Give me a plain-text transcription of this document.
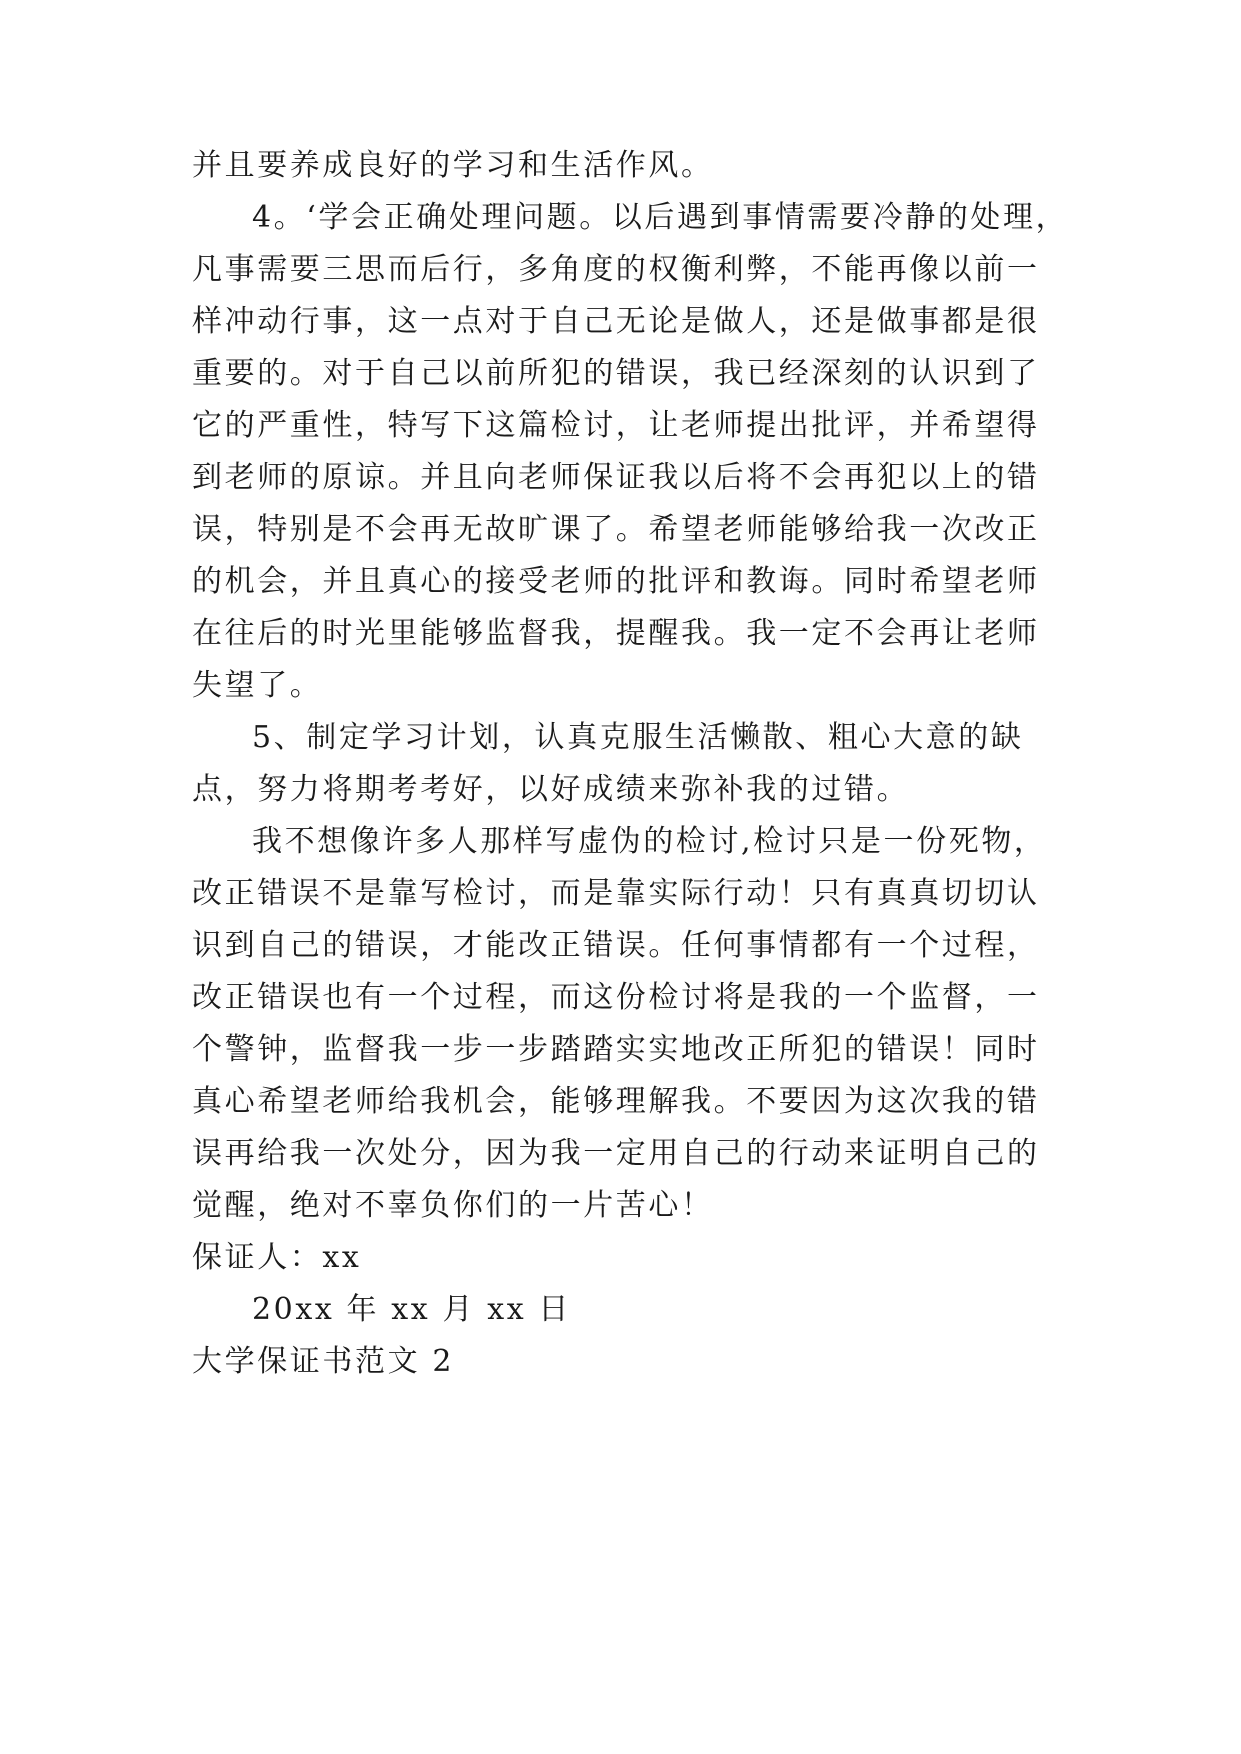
并且要养成良好的学习和生活作风。
4。‘学会正确处理问题。以后遇到事情需要冷静的处理，
凡事需要三思而后行，多角度的权衡利弊，不能再像以前一
样冲动行事，这一点对于自己无论是做人，还是做事都是很
重要的。对于自己以前所犯的错误，我已经深刻的认识到了
它的严重性，特写下这篇检讨，让老师提出批评，并希望得
到老师的原谅。并且向老师保证我以后将不会再犯以上的错
误，特别是不会再无故旷课了。希望老师能够给我一次改正
的机会，并且真心的接受老师的批评和教诲。同时希望老师
在往后的时光里能够监督我，提醒我。我一定不会再让老师
失望了。
5、制定学习计划，认真克服生活懒散、粗心大意的缺
点，努力将期考考好，以好成绩来弥补我的过错。
我不想像许多人那样写虚伪的检讨,检讨只是一份死物，
改正错误不是靠写检讨，而是靠实际行动！只有真真切切认
识到自己的错误，才能改正错误。任何事情都有一个过程，
改正错误也有一个过程，而这份检讨将是我的一个监督，一
个警钟，监督我一步一步踏踏实实地改正所犯的错误！同时
真心希望老师给我机会，能够理解我。不要因为这次我的错
误再给我一次处分，因为我一定用自己的行动来证明自己的
觉醒，绝对不辜负你们的一片苦心！
保证人：xx
20xx 年 xx 月 xx 日
大学保证书范文 2
